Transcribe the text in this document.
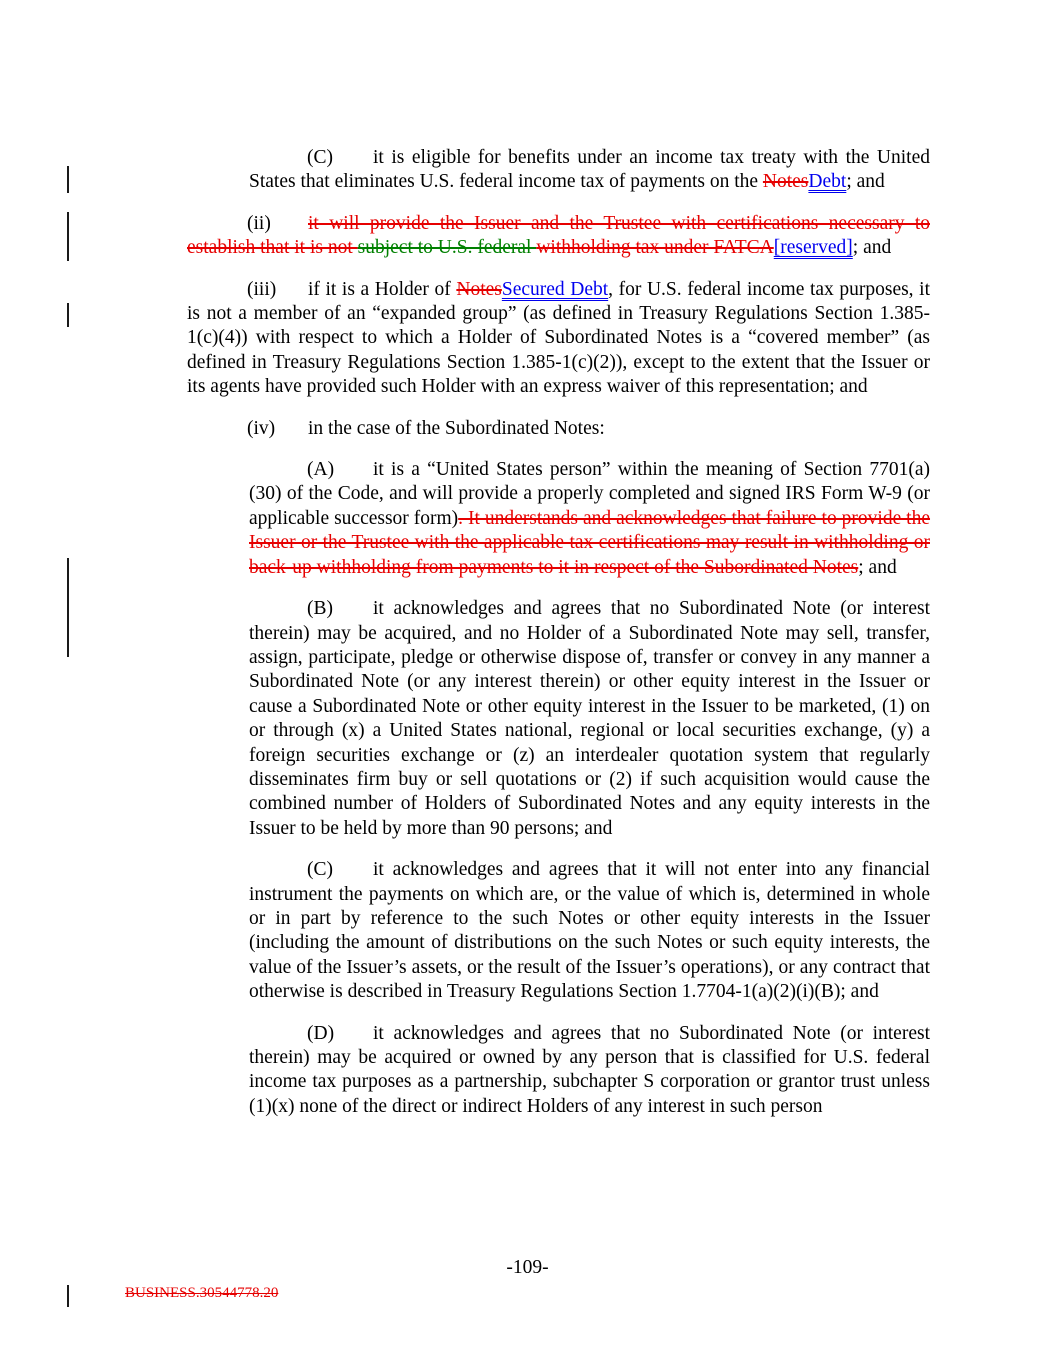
(C) it is eligible for benefits under an income tax treaty with the United States that eliminates U.S. federal income tax of payments on the NotesDebt; and
(ii) it will provide the Issuer and the Trustee with certifications necessary to establish that it is not subject to U.S. federal withholding tax under FATCA[reserved]; and
(iii) if it is a Holder of NotesSecured Debt, for U.S. federal income tax purposes, it is not a member of an “expanded group” (as defined in Treasury Regulations Section 1.385-1(c)(4)) with respect to which a Holder of Subordinated Notes is a “covered member” (as defined in Treasury Regulations Section 1.385-1(c)(2)), except to the extent that the Issuer or its agents have provided such Holder with an express waiver of this representation; and
(iv) in the case of the Subordinated Notes:
(A) it is a “United States person” within the meaning of Section 7701(a)(30) of the Code, and will provide a properly completed and signed IRS Form W-9 (or applicable successor form). It understands and acknowledges that failure to provide the Issuer or the Trustee with the applicable tax certifications may result in withholding or back-up withholding from payments to it in respect of the Subordinated Notes; and
(B) it acknowledges and agrees that no Subordinated Note (or interest therein) may be acquired, and no Holder of a Subordinated Note may sell, transfer, assign, participate, pledge or otherwise dispose of, transfer or convey in any manner a Subordinated Note (or any interest therein) or other equity interest in the Issuer or cause a Subordinated Note or other equity interest in the Issuer to be marketed, (1) on or through (x) a United States national, regional or local securities exchange, (y) a foreign securities exchange or (z) an interdealer quotation system that regularly disseminates firm buy or sell quotations or (2) if such acquisition would cause the combined number of Holders of Subordinated Notes and any equity interests in the Issuer to be held by more than 90 persons; and
(C) it acknowledges and agrees that it will not enter into any financial instrument the payments on which are, or the value of which is, determined in whole or in part by reference to the such Notes or other equity interests in the Issuer (including the amount of distributions on the such Notes or such equity interests, the value of the Issuer’s assets, or the result of the Issuer’s operations), or any contract that otherwise is described in Treasury Regulations Section 1.7704-1(a)(2)(i)(B); and
(D) it acknowledges and agrees that no Subordinated Note (or interest therein) may be acquired or owned by any person that is classified for U.S. federal income tax purposes as a partnership, subchapter S corporation or grantor trust unless (1)(x) none of the direct or indirect Holders of any interest in such person
-109-
BUSINESS.30544778.20
